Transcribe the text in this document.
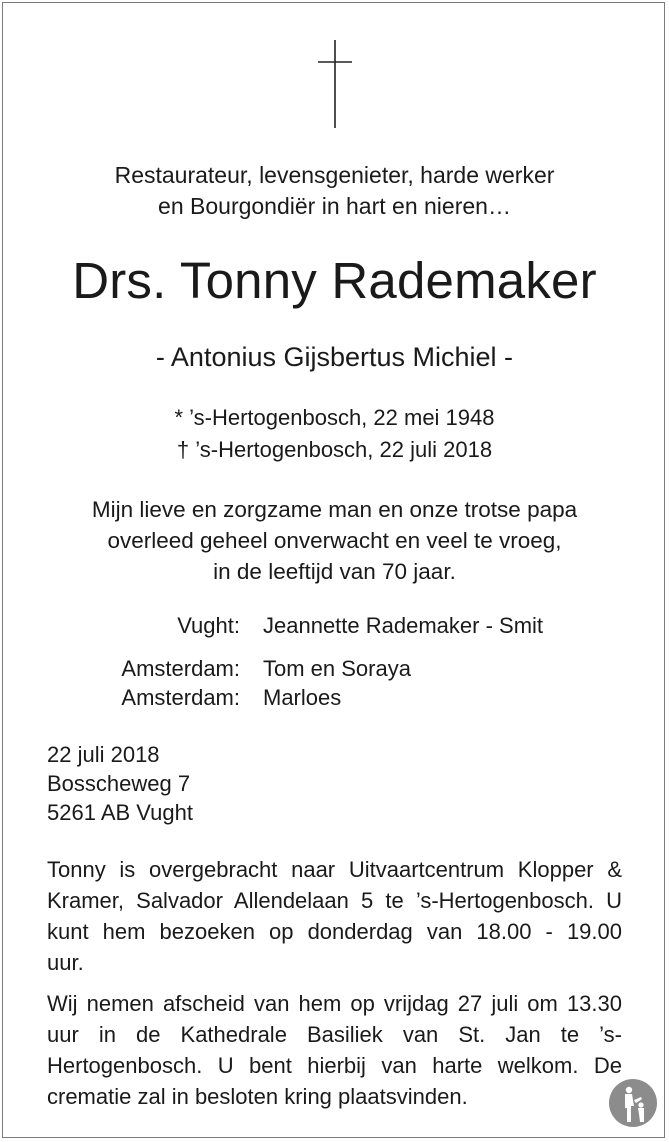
Restaurateur, levensgenieter, harde werker
en Bourgondiër in hart en nieren…
Drs. Tonny Rademaker
- Antonius Gijsbertus Michiel -
* ’s-Hertogenbosch, 22 mei 1948
† ’s-Hertogenbosch, 22 juli 2018
Mijn lieve en zorgzame man en onze trotse papa
overleed geheel onverwacht en veel te vroeg,
in de leeftijd van 70 jaar.
Vught: Jeannette Rademaker - Smit
Amsterdam: Tom en Soraya
Amsterdam: Marloes
22 juli 2018
Bosscheweg 7
5261 AB Vught
Tonny is overgebracht naar Uitvaartcentrum Klopper & Kramer, Salvador Allendelaan 5 te ’s-Hertogenbosch. U kunt hem bezoeken op donderdag van 18.00 - 19.00 uur.
Wij nemen afscheid van hem op vrijdag 27 juli om 13.30 uur in de Kathedrale Basiliek van St. Jan te ’s-Hertogenbosch. U bent hierbij van harte welkom. De crematie zal in besloten kring plaatsvinden.
